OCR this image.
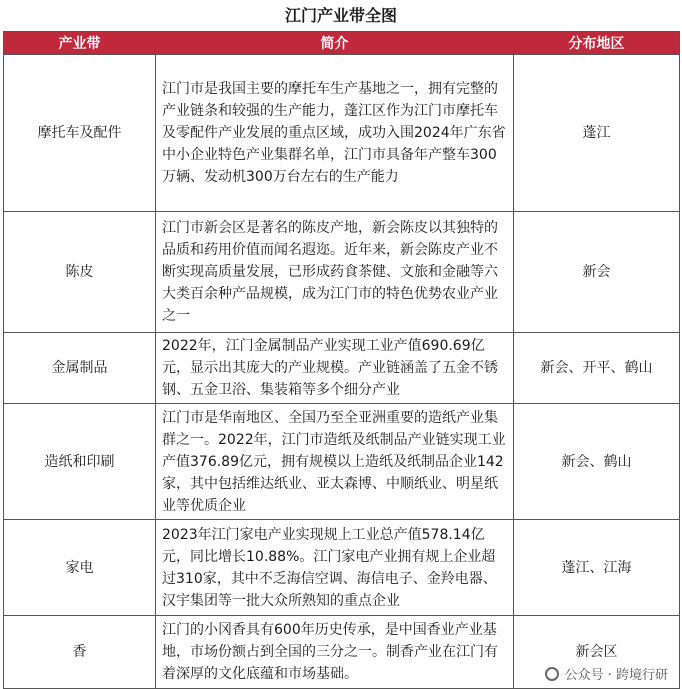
江门产业带全图
产业带	简介	分布地区
摩托车及配件	江门市是我国主要的摩托车生产基地之一，拥有完整的产业链条和较强的生产能力，蓬江区作为江门市摩托车及零配件产业发展的重点区域，成功入围2024年广东省中小企业特色产业集群名单，江门市具备年产整车300万辆、发动机300万台左右的生产能力	蓬江
陈皮	江门市新会区是著名的陈皮产地，新会陈皮以其独特的品质和药用价值而闻名遐迩。近年来，新会陈皮产业不断实现高质量发展，已形成药食茶健、文旅和金融等六大类百余种产品规模，成为江门市的特色优势农业产业之一	新会
金属制品	2022年，江门金属制品产业实现工业产值690.69亿元，显示出其庞大的产业规模。产业链涵盖了五金不锈钢、五金卫浴、集装箱等多个细分产业	新会、开平、鹤山
造纸和印刷	江门市是华南地区、全国乃至全亚洲重要的造纸产业集群之一。2022年，江门市造纸及纸制品产业链实现工业产值376.89亿元，拥有规模以上造纸及纸制品企业142家，其中包括维达纸业、亚太森博、中顺纸业、明星纸业等优质企业	新会、鹤山
家电	2023年江门家电产业实现规上工业总产值578.14亿元，同比增长10.88%。江门家电产业拥有规上企业超过310家，其中不乏海信空调、海信电子、金羚电器、汉宇集团等一批大众所熟知的重点企业	蓬江、江海
香	江门的小冈香具有600年历史传承，是中国香业产业基地，市场份额占到全国的三分之一。制香产业在江门有着深厚的文化底蕴和市场基础。	新会区
公众号 · 跨境行研
